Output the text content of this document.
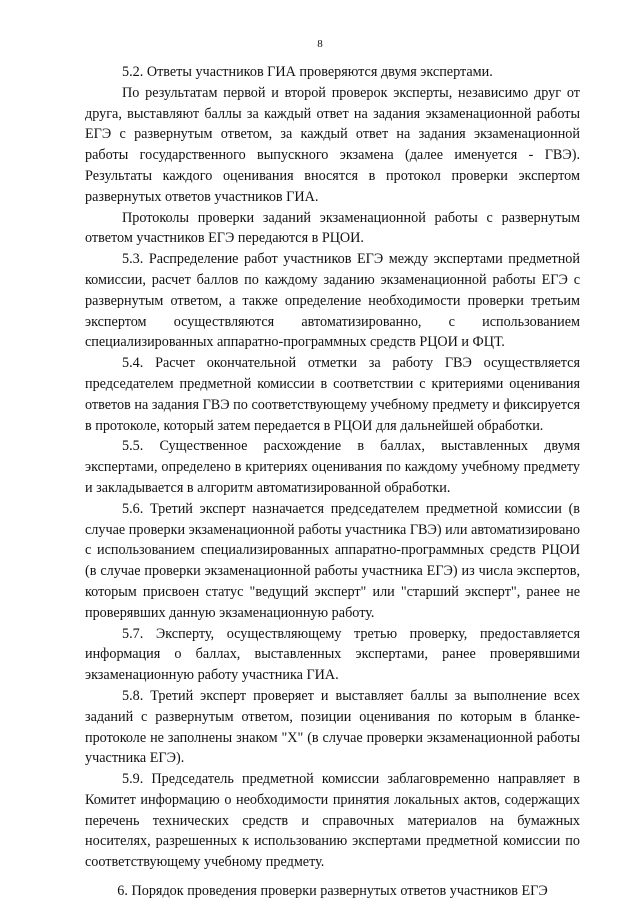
8

5.2. Ответы участников ГИА проверяются двумя экспертами.

По результатам первой и второй проверок эксперты, независимо друг от друга, выставляют баллы за каждый ответ на задания экзаменационной работы ЕГЭ с развернутым ответом, за каждый ответ на задания экзаменационной работы государственного выпускного экзамена (далее именуется - ГВЭ). Результаты каждого оценивания вносятся в протокол проверки экспертом развернутых ответов участников ГИА.

Протоколы проверки заданий экзаменационной работы с развернутым ответом участников ЕГЭ передаются в РЦОИ.

5.3. Распределение работ участников ЕГЭ между экспертами предметной комиссии, расчет баллов по каждому заданию экзаменационной работы ЕГЭ с развернутым ответом, а также определение необходимости проверки третьим экспертом осуществляются автоматизированно, с использованием специализированных аппаратно-программных средств РЦОИ и ФЦТ.

5.4. Расчет окончательной отметки за работу ГВЭ осуществляется председателем предметной комиссии в соответствии с критериями оценивания ответов на задания ГВЭ по соответствующему учебному предмету и фиксируется в протоколе, который затем передается в РЦОИ для дальнейшей обработки.

5.5. Существенное расхождение в баллах, выставленных двумя экспертами, определено в критериях оценивания по каждому учебному предмету и закладывается в алгоритм автоматизированной обработки.

5.6. Третий эксперт назначается председателем предметной комиссии (в случае проверки экзаменационной работы участника ГВЭ) или автоматизировано с использованием специализированных аппаратно-программных средств РЦОИ (в случае проверки экзаменационной работы участника ЕГЭ) из числа экспертов, которым присвоен статус "ведущий эксперт" или "старший эксперт", ранее не проверявших данную экзаменационную работу.

5.7. Эксперту, осуществляющему третью проверку, предоставляется информация о баллах, выставленных экспертами, ранее проверявшими экзаменационную работу участника ГИА.

5.8. Третий эксперт проверяет и выставляет баллы за выполнение всех заданий с развернутым ответом, позиции оценивания по которым в бланке-протоколе не заполнены знаком "X" (в случае проверки экзаменационной работы участника ЕГЭ).

5.9. Председатель предметной комиссии заблаговременно направляет в Комитет информацию о необходимости принятия локальных актов, содержащих перечень технических средств и справочных материалов на бумажных носителях, разрешенных к использованию экспертами предметной комиссии по соответствующему учебному предмету.

6. Порядок проведения проверки развернутых ответов участников ЕГЭ
